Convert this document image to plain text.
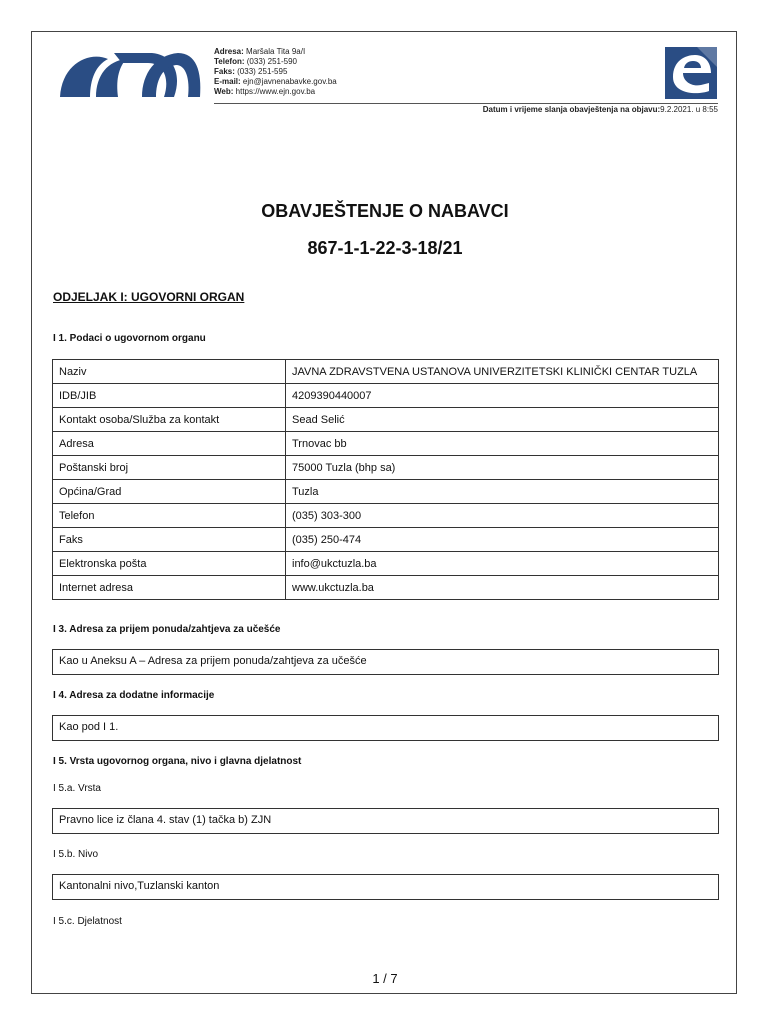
Adresa: Maršala Tita 9a/I
Telefon: (033) 251-590
Faks: (033) 251-595
E-mail: ejn@javnenabavke.gov.ba
Web: https://www.ejn.gov.ba
Datum i vrijeme slanja obavještenja na objavu:9.2.2021. u 8:55
OBAVJEŠTENJE O NABAVCI
867-1-1-22-3-18/21
ODJELJAK I: UGOVORNI ORGAN
I 1. Podaci o ugovornom organu
Naziv	JAVNA ZDRAVSTVENA USTANOVA UNIVERZITETSKI KLINIČKI CENTAR TUZLA
IDB/JIB	4209390440007
Kontakt osoba/Služba za kontakt	Sead Selić
Adresa	Trnovac bb
Poštanski broj	75000 Tuzla (bhp sa)
Općina/Grad	Tuzla
Telefon	(035) 303-300
Faks	(035) 250-474
Elektronska pošta	info@ukctuzla.ba
Internet adresa	www.ukctuzla.ba
I 3. Adresa za prijem ponuda/zahtjeva za učešće
Kao u Aneksu A – Adresa za prijem ponuda/zahtjeva za učešće
I 4. Adresa za dodatne informacije
Kao pod I 1.
I 5. Vrsta ugovornog organa, nivo i glavna djelatnost
I 5.a. Vrsta
Pravno lice iz člana 4. stav (1) tačka b) ZJN
I 5.b. Nivo
Kantonalni nivo,Tuzlanski kanton
I 5.c. Djelatnost
1 / 7
